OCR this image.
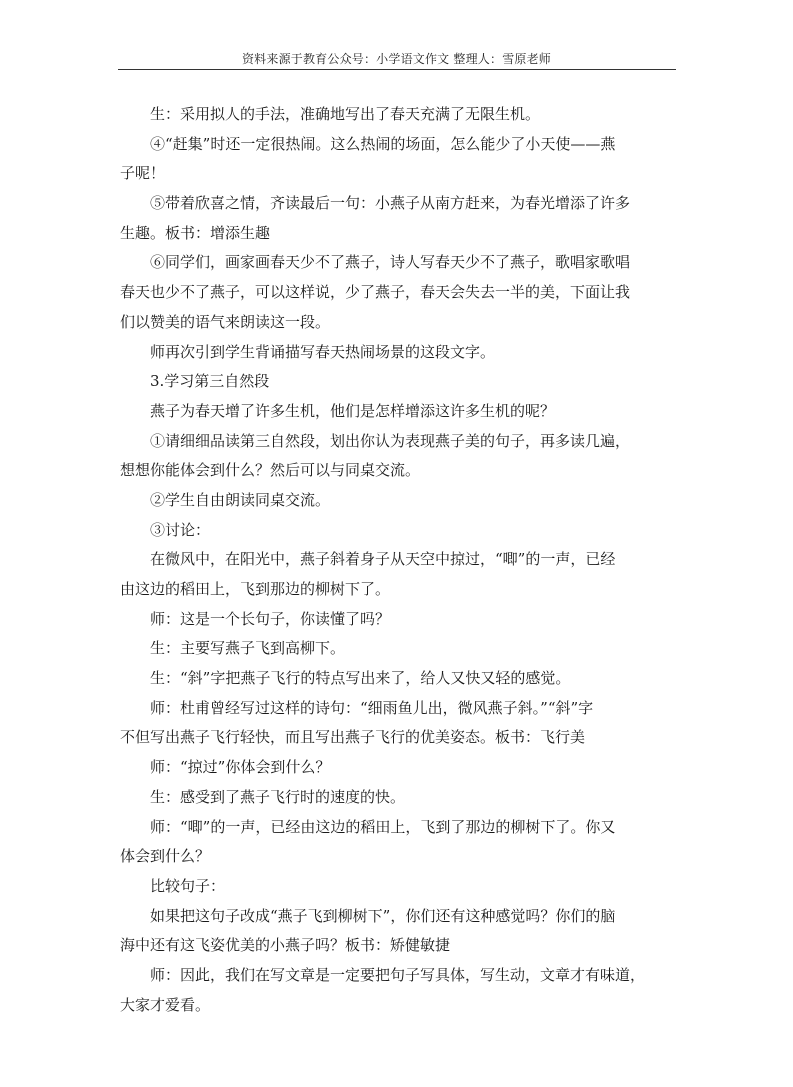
资料来源于教育公众号：小学语文作文 整理人：雪原老师
生：采用拟人的手法，准确地写出了春天充满了无限生机。
④“赶集”时还一定很热闹。这么热闹的场面，怎么能少了小天使——燕
子呢！
⑤带着欣喜之情，齐读最后一句：小燕子从南方赶来，为春光增添了许多
生趣。板书：增添生趣
⑥同学们，画家画春天少不了燕子，诗人写春天少不了燕子，歌唱家歌唱
春天也少不了燕子，可以这样说，少了燕子，春天会失去一半的美，下面让我
们以赞美的语气来朗读这一段。
师再次引到学生背诵描写春天热闹场景的这段文字。
3.学习第三自然段
燕子为春天增了许多生机，他们是怎样增添这许多生机的呢？
①请细细品读第三自然段，划出你认为表现燕子美的句子，再多读几遍，
想想你能体会到什么？然后可以与同桌交流。
②学生自由朗读同桌交流。
③讨论：
在微风中，在阳光中，燕子斜着身子从天空中掠过，“唧”的一声，已经
由这边的稻田上，飞到那边的柳树下了。
师：这是一个长句子，你读懂了吗？
生：主要写燕子飞到高柳下。
生：“斜”字把燕子飞行的特点写出来了，给人又快又轻的感觉。
师：杜甫曾经写过这样的诗句：“细雨鱼儿出，微风燕子斜。”“斜”字
不但写出燕子飞行轻快，而且写出燕子飞行的优美姿态。板书：飞行美
师：“掠过”你体会到什么？
生：感受到了燕子飞行时的速度的快。
师：“唧”的一声，已经由这边的稻田上，飞到了那边的柳树下了。你又
体会到什么？
比较句子：
如果把这句子改成“燕子飞到柳树下”，你们还有这种感觉吗？你们的脑
海中还有这飞姿优美的小燕子吗？板书：矫健敏捷
师：因此，我们在写文章是一定要把句子写具体，写生动，文章才有味道，
大家才爱看。
